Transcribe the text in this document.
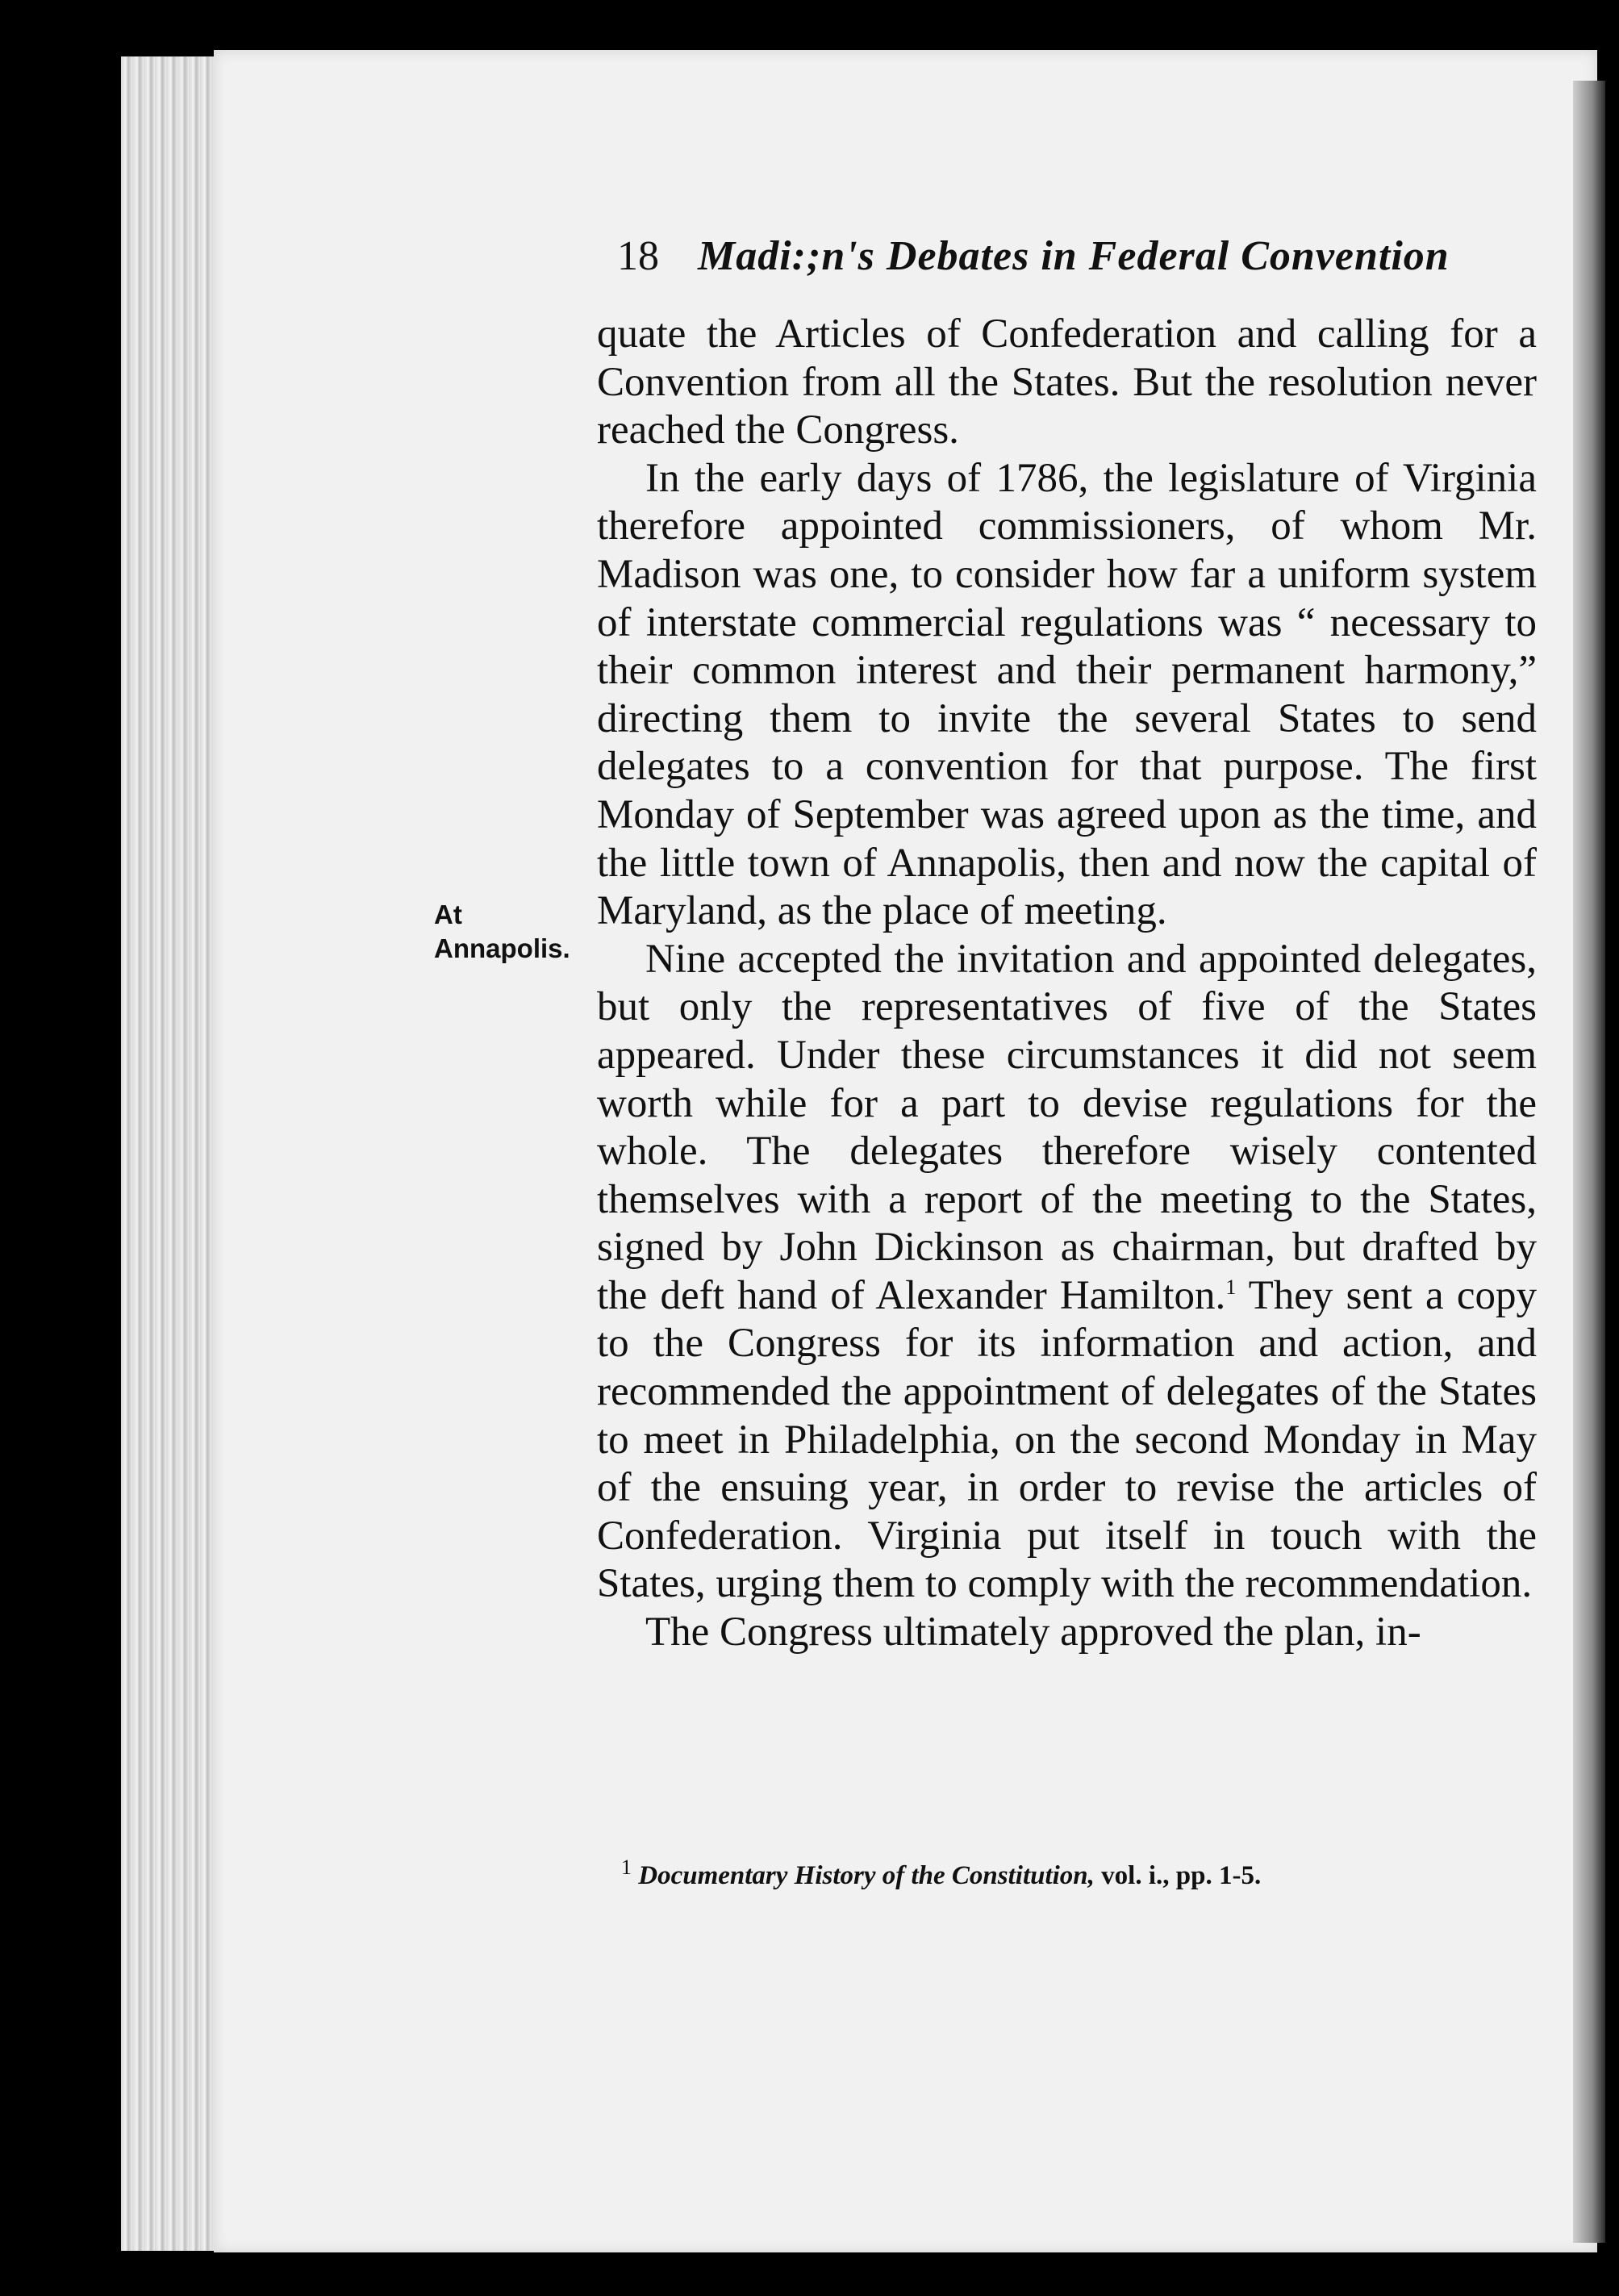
18 Madi:;n's Debates in Federal Convention
At
Annapolis.

quate the Articles of Confederation and calling for a Convention from all the States. But the resolution never reached the Congress.

In the early days of 1786, the legislature of Virginia therefore appointed commissioners, of whom Mr. Madison was one, to consider how far a uniform system of interstate commercial regulations was “ necessary to their common interest and their permanent harmony,” directing them to invite the several States to send delegates to a convention for that purpose. The first Monday of September was agreed upon as the time, and the little town of Annapolis, then and now the capital of Maryland, as the place of meeting.

Nine accepted the invitation and appointed delegates, but only the representatives of five of the States appeared. Under these circumstances it did not seem worth while for a part to devise regulations for the whole. The delegates therefore wisely contented themselves with a report of the meeting to the States, signed by John Dickinson as chairman, but drafted by the deft hand of Alexander Hamilton.$^1$ They sent a copy to the Congress for its information and action, and recommended the appointment of delegates of the States to meet in Philadelphia, on the second Monday in May of the ensuing year, in order to revise the articles of Confederation. Virginia put itself in touch with the States, urging them to comply with the recommendation.

The Congress ultimately approved the plan, in-

$^1$ Documentary History of the Constitution, vol. i., pp. 1-5.
